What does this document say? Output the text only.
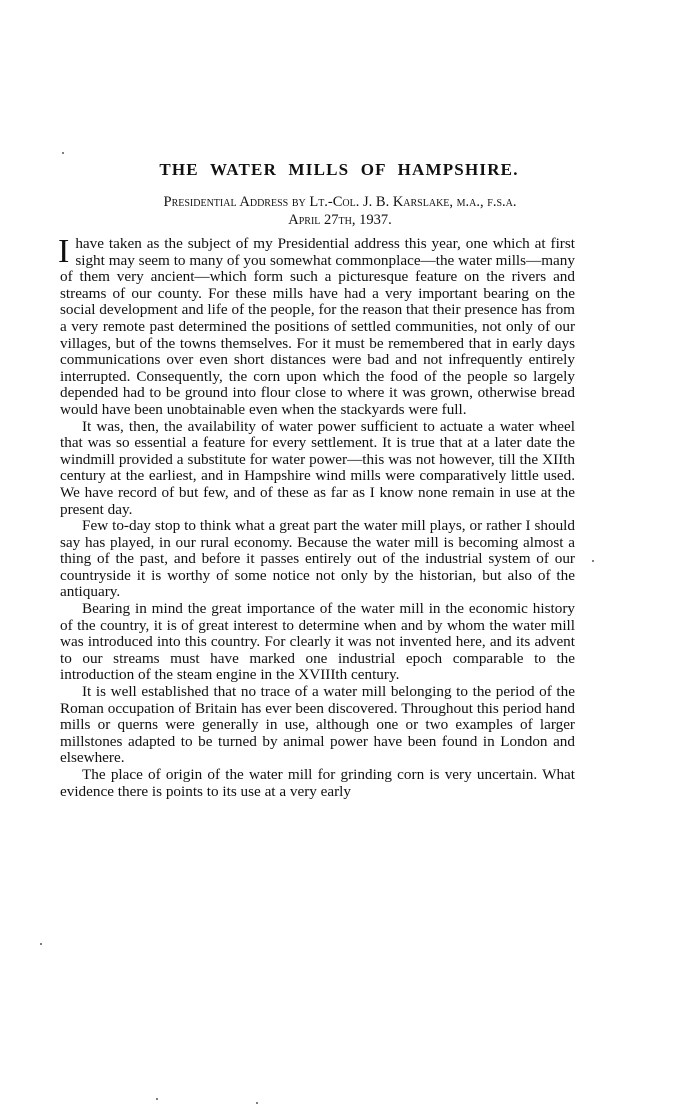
THE WATER MILLS OF HAMPSHIRE.
Presidential Address by Lt.-Col. J. B. Karslake, m.a., f.s.a.
April 27th, 1937.

Ihave taken as the subject of my Presidential address this year, one which at first sight may seem to many of you somewhat commonplace—the water mills—many of them very ancient—which form such a picturesque feature on the rivers and streams of our county. For these mills have had a very important bearing on the social development and life of the people, for the reason that their presence has from a very remote past determined the positions of settled communities, not only of our villages, but of the towns themselves. For it must be remembered that in early days communications over even short distances were bad and not infrequently entirely interrupted. Consequently, the corn upon which the food of the people so largely depended had to be ground into flour close to where it was grown, otherwise bread would have been unobtainable even when the stackyards were full.

It was, then, the availability of water power sufficient to actuate a water wheel that was so essential a feature for every settlement. It is true that at a later date the windmill provided a substitute for water power—this was not however, till the XIIth century at the earliest, and in Hampshire wind mills were comparatively little used. We have record of but few, and of these as far as I know none remain in use at the present day.

Few to-day stop to think what a great part the water mill plays, or rather I should say has played, in our rural economy. Because the water mill is becoming almost a thing of the past, and before it passes entirely out of the industrial system of our countryside it is worthy of some notice not only by the historian, but also of the antiquary.

Bearing in mind the great importance of the water mill in the economic history of the country, it is of great interest to determine when and by whom the water mill was introduced into this country. For clearly it was not invented here, and its advent to our streams must have marked one industrial epoch comparable to the introduction of the steam engine in the XVIIIth century.

It is well established that no trace of a water mill belonging to the period of the Roman occupation of Britain has ever been discovered. Throughout this period hand mills or querns were generally in use, although one or two examples of larger millstones adapted to be turned by animal power have been found in London and elsewhere.

The place of origin of the water mill for grinding corn is very uncertain. What evidence there is points to its use at a very early
